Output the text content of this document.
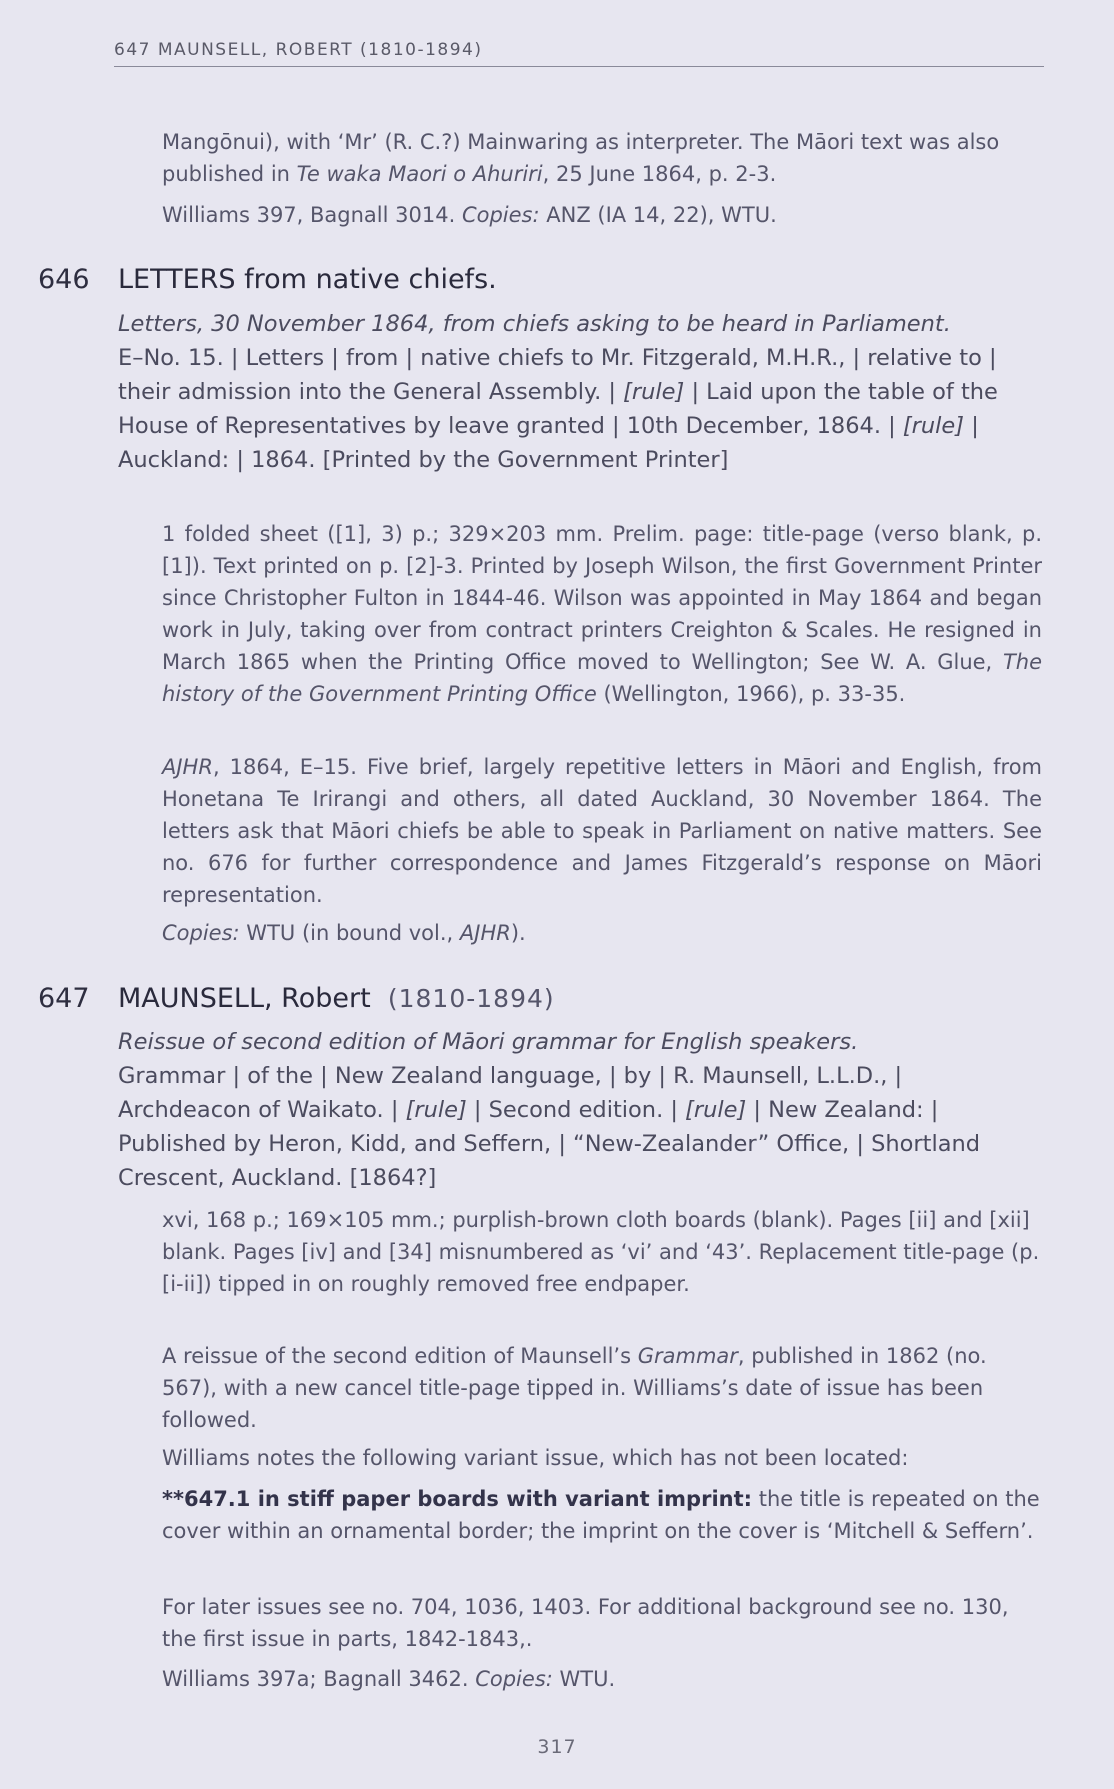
647 MAUNSELL, ROBERT (1810-1894)

Mangōnui), with ‘Mr’ (R. C.?) Mainwaring as interpreter. The Māori text was also published in Te waka Maori o Ahuriri, 25 June 1864, p. 2-3.

Williams 397, Bagnall 3014. Copies: ANZ (IA 14, 22), WTU.

646 LETTERS from native chiefs.

Letters, 30 November 1864, from chiefs asking to be heard in Parliament.

E–No. 15. | Letters | from | native chiefs to Mr. Fitzgerald, M.H.R., | relative to | their admission into the General Assembly. | [rule] | Laid upon the table of the House of Representatives by leave granted | 10th December, 1864. | [rule] | Auckland: | 1864. [Printed by the Government Printer]

1 folded sheet ([1], 3) p.; 329×203 mm. Prelim. page: title-page (verso blank, p. [1]). Text printed on p. [2]-3. Printed by Joseph Wilson, the first Government Printer since Christopher Fulton in 1844-46. Wilson was appointed in May 1864 and began work in July, taking over from contract printers Creighton & Scales. He resigned in March 1865 when the Printing Office moved to Wellington; See W. A. Glue, The history of the Government Printing Office (Wellington, 1966), p. 33-35.

AJHR, 1864, E–15. Five brief, largely repetitive letters in Māori and English, from Honetana Te Irirangi and others, all dated Auckland, 30 November 1864. The letters ask that Māori chiefs be able to speak in Parliament on native matters. See no. 676 for further correspondence and James Fitzgerald’s response on Māori representation.

Copies: WTU (in bound vol., AJHR).

647 MAUNSELL, Robert (1810-1894)

Reissue of second edition of Māori grammar for English speakers.

Grammar | of the | New Zealand language, | by | R. Maunsell, L.L.D., | Archdeacon of Waikato. | [rule] | Second edition. | [rule] | New Zealand: | Published by Heron, Kidd, and Seffern, | “New-Zealander” Office, | Shortland Crescent, Auckland. [1864?]

xvi, 168 p.; 169×105 mm.; purplish-brown cloth boards (blank). Pages [ii] and [xii] blank. Pages [iv] and [34] misnumbered as ‘vi’ and ‘43’. Replacement title-page (p. [i-ii]) tipped in on roughly removed free endpaper.

A reissue of the second edition of Maunsell’s Grammar, published in 1862 (no. 567), with a new cancel title-page tipped in. Williams’s date of issue has been followed.

Williams notes the following variant issue, which has not been located:

**647.1 in stiff paper boards with variant imprint: the title is repeated on the cover within an ornamental border; the imprint on the cover is ‘Mitchell & Seffern’.

For later issues see no. 704, 1036, 1403. For additional background see no. 130, the first issue in parts, 1842-1843,.

Williams 397a; Bagnall 3462. Copies: WTU.

317
